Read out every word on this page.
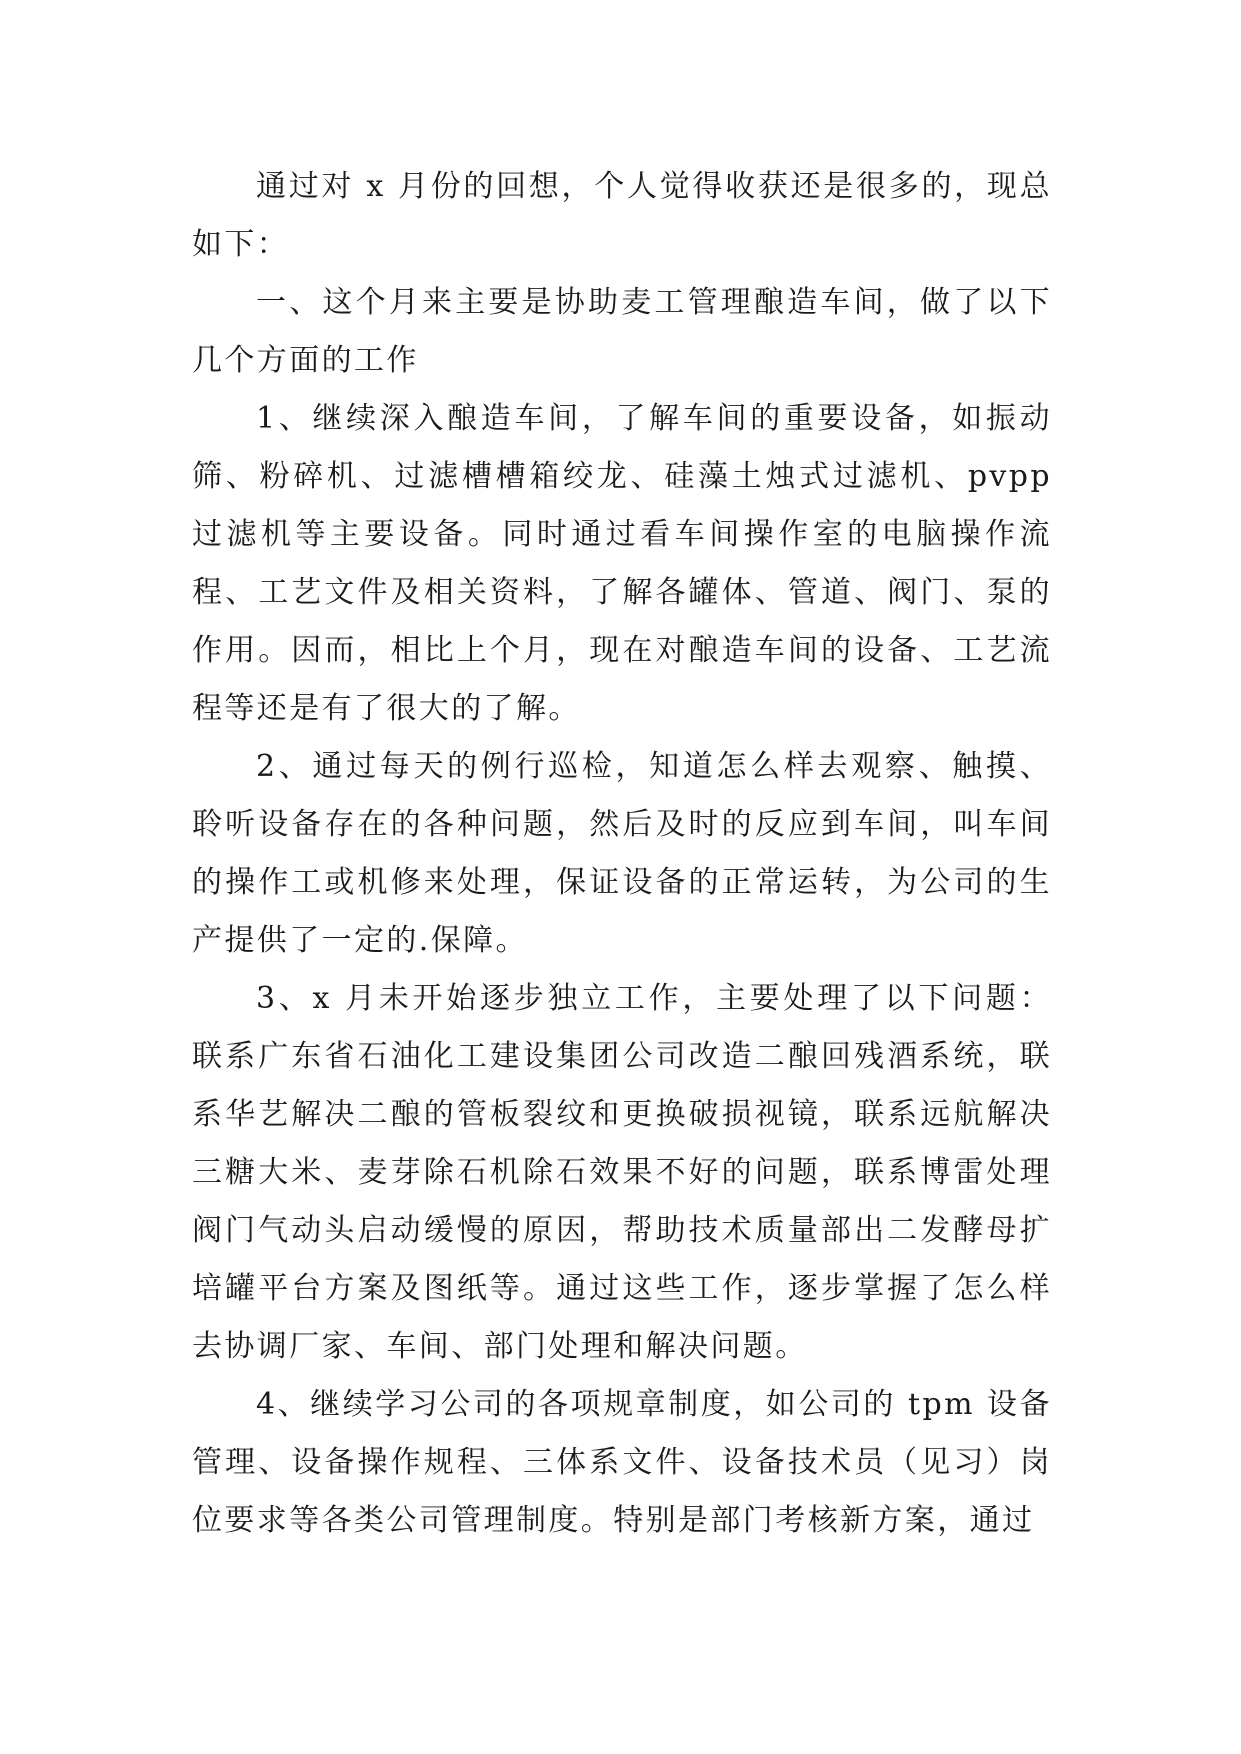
通过对 x 月份的回想，个人觉得收获还是很多的，现总如下：

一、这个月来主要是协助麦工管理酿造车间，做了以下几个方面的工作

1、继续深入酿造车间，了解车间的重要设备，如振动筛、粉碎机、过滤槽槽箱绞龙、硅藻土烛式过滤机、pvpp 过滤机等主要设备。同时通过看车间操作室的电脑操作流程、工艺文件及相关资料，了解各罐体、管道、阀门、泵的作用。因而，相比上个月，现在对酿造车间的设备、工艺流程等还是有了很大的了解。

2、通过每天的例行巡检，知道怎么样去观察、触摸、聆听设备存在的各种问题，然后及时的反应到车间，叫车间的操作工或机修来处理，保证设备的正常运转，为公司的生产提供了一定的.保障。

3、x 月未开始逐步独立工作，主要处理了以下问题：联系广东省石油化工建设集团公司改造二酿回残酒系统，联系华艺解决二酿的管板裂纹和更换破损视镜，联系远航解决三糖大米、麦芽除石机除石效果不好的问题，联系博雷处理阀门气动头启动缓慢的原因，帮助技术质量部出二发酵母扩培罐平台方案及图纸等。通过这些工作，逐步掌握了怎么样去协调厂家、车间、部门处理和解决问题。

4、继续学习公司的各项规章制度，如公司的 tpm 设备管理、设备操作规程、三体系文件、设备技术员（见习）岗位要求等各类公司管理制度。特别是部门考核新方案，通过
